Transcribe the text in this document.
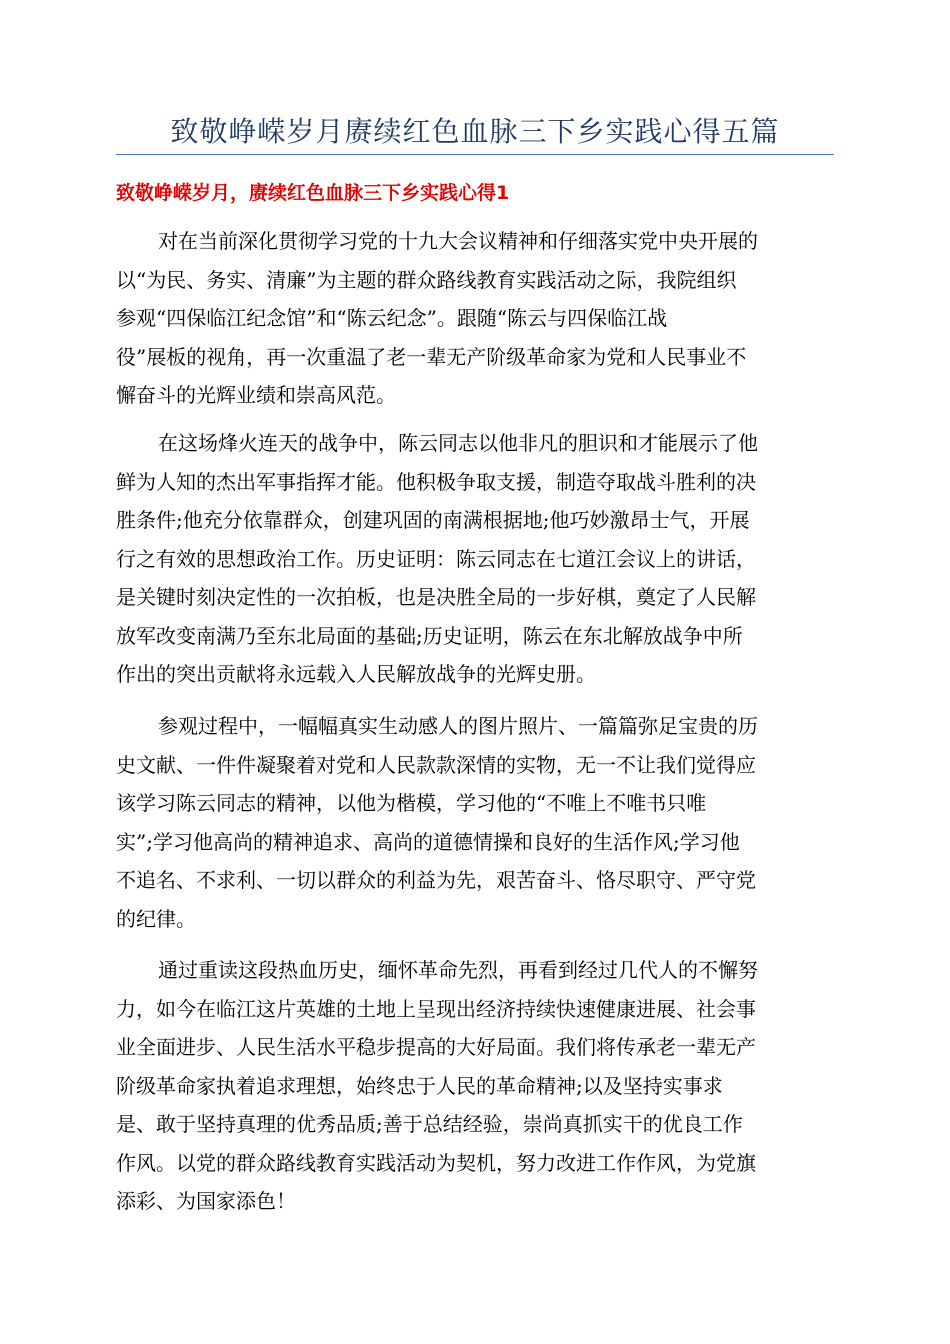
致敬峥嵘岁月赓续红色血脉三下乡实践心得五篇
致敬峥嵘岁月，赓续红色血脉三下乡实践心得1
对在当前深化贯彻学习党的十九大会议精神和仔细落实党中央开展的
以“为民、务实、清廉”为主题的群众路线教育实践活动之际，我院组织
参观“四保临江纪念馆”和“陈云纪念”。跟随“陈云与四保临江战
役”展板的视角，再一次重温了老一辈无产阶级革命家为党和人民事业不
懈奋斗的光辉业绩和崇高风范。
在这场烽火连天的战争中，陈云同志以他非凡的胆识和才能展示了他
鲜为人知的杰出军事指挥才能。他积极争取支援，制造夺取战斗胜利的决
胜条件;他充分依靠群众，创建巩固的南满根据地;他巧妙激昂士气，开展
行之有效的思想政治工作。历史证明：陈云同志在七道江会议上的讲话，
是关键时刻决定性的一次拍板，也是决胜全局的一步好棋，奠定了人民解
放军改变南满乃至东北局面的基础;历史证明，陈云在东北解放战争中所
作出的突出贡献将永远载入人民解放战争的光辉史册。
参观过程中，一幅幅真实生动感人的图片照片、一篇篇弥足宝贵的历
史文献、一件件凝聚着对党和人民款款深情的实物，无一不让我们觉得应
该学习陈云同志的精神，以他为楷模，学习他的“不唯上不唯书只唯
实”;学习他高尚的精神追求、高尚的道德情操和良好的生活作风;学习他
不追名、不求利、一切以群众的利益为先，艰苦奋斗、恪尽职守、严守党
的纪律。
通过重读这段热血历史，缅怀革命先烈，再看到经过几代人的不懈努
力，如今在临江这片英雄的土地上呈现出经济持续快速健康进展、社会事
业全面进步、人民生活水平稳步提高的大好局面。我们将传承老一辈无产
阶级革命家执着追求理想，始终忠于人民的革命精神;以及坚持实事求
是、敢于坚持真理的优秀品质;善于总结经验，崇尚真抓实干的优良工作
作风。以党的群众路线教育实践活动为契机，努力改进工作作风，为党旗
添彩、为国家添色！
